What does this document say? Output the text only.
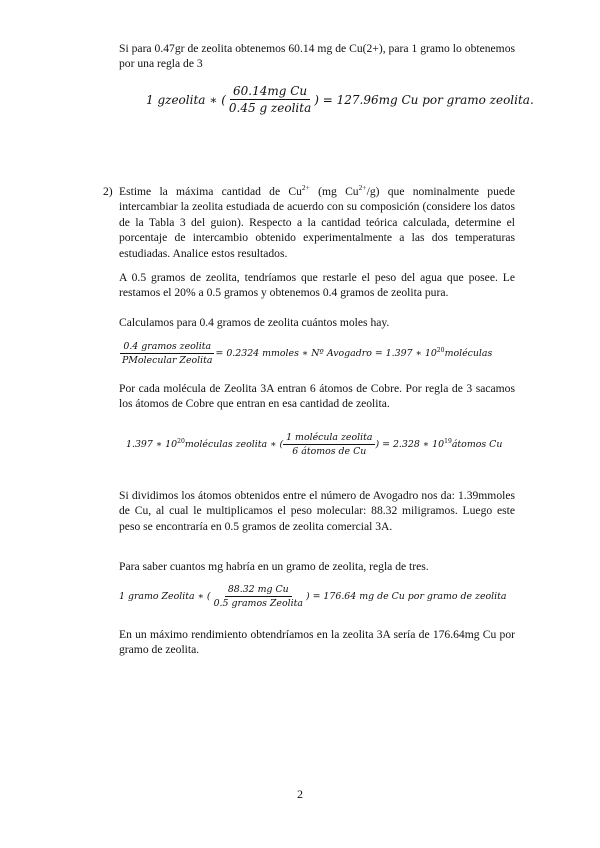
Si para 0.47gr de zeolita obtenemos 60.14 mg de Cu(2+), para 1 gramo lo obtenemos por una regla de 3

1 gzeolita ∗ ( $\frac{\text{60.14mg Cu}}{\text{0.45 g zeolita}}$ ) = 127.96mg Cu por gramo zeolita.
2) Estime la máxima cantidad de $Cu^{2+}$ (mg $Cu^{2+}/g$) que nominalmente puede intercambiar la zeolita estudiada de acuerdo con su composición (considere los datos de la Tabla 3 del guion). Respecto a la cantidad teórica calculada, determine el porcentaje de intercambio obtenido experimentalmente a las dos temperaturas estudiadas. Analice estos resultados.

A 0.5 gramos de zeolita, tendríamos que restarle el peso del agua que posee. Le restamos el 20% a 0.5 gramos y obtenemos 0.4 gramos de zeolita pura.

Calculamos para 0.4 gramos de zeolita cuántos moles hay.

$\frac{\text{0.4 gramos zeolita}}{\text{PMolecular Zeolita}} = 0.2324$ mmoles ∗ Nº Avogadro = 1.397 ∗ $10^{20}moléculas$

Por cada molécula de Zeolita 3A entran 6 átomos de Cobre. Por regla de 3 sacamos los átomos de Cobre que entran en esa cantidad de zeolita.

1.397 ∗ $10^{20}moléculas$ zeolita ∗ ( $\frac{\text{1 molécula zeolita}}{\text{6 átomos de Cu}}$ ) = 2.328 ∗ $10^{19}átomos$ Cu

Si dividimos los átomos obtenidos entre el número de Avogadro nos da: 1.39mmoles de Cu, al cual le multiplicamos el peso molecular: 88.32 miligramos. Luego este peso se encontraría en 0.5 gramos de zeolita comercial 3A.

Para saber cuantos mg habría en un gramo de zeolita, regla de tres.

1 gramo Zeolita ∗ ( $\frac{\text{88.32 mg Cu}}{\text{0.5 gramos Zeolita}}$ ) = 176.64 mg de Cu por gramo de zeolita

En un máximo rendimiento obtendríamos en la zeolita 3A sería de 176.64mg Cu por gramo de zeolita.

2
